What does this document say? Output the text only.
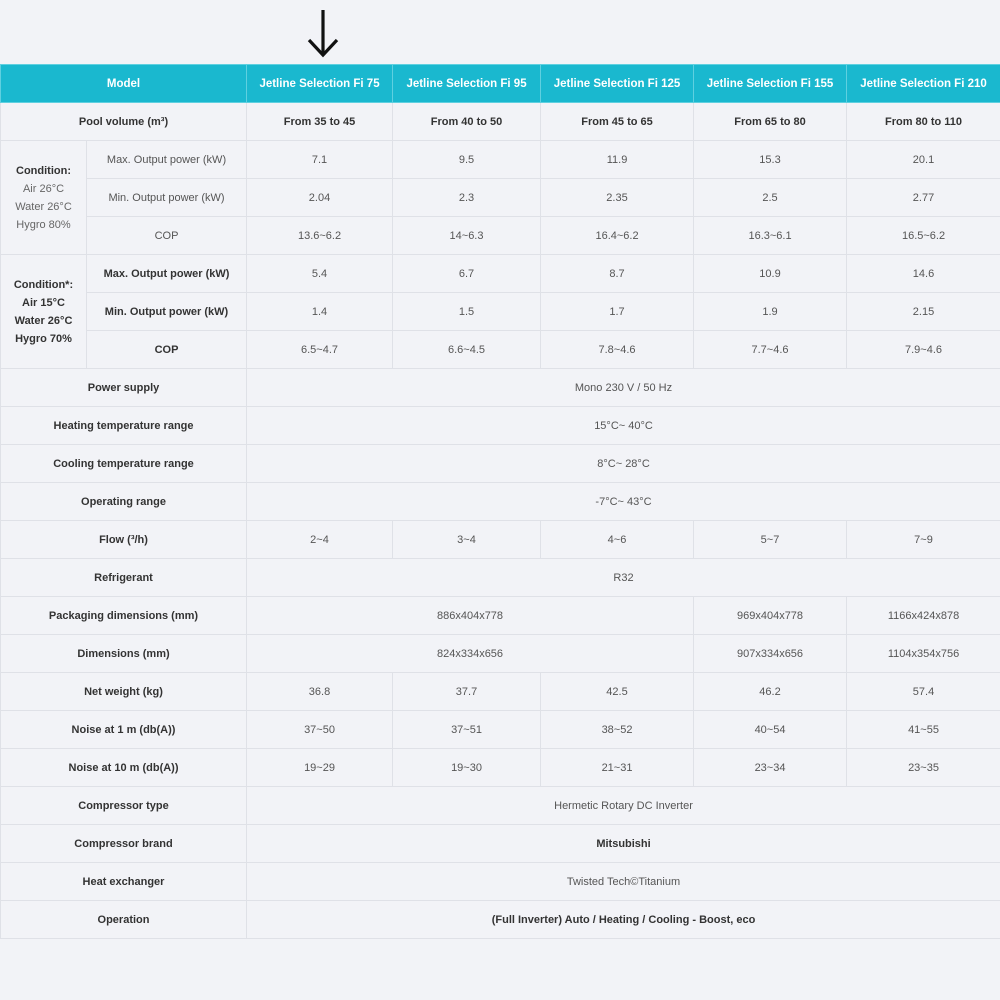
Model		Jetline Selection Fi 75	Jetline Selection Fi 95	Jetline Selection Fi 125	Jetline Selection Fi 155	Jetline Selection Fi 210
Pool volume (m³)		From 35 to 45	From 40 to 50	From 45 to 65	From 65 to 80	From 80 to 110

Condition:
Air 26°C
Water 26°C
Hygro 80%	Max. Output power (kW)	7.1	9.5	11.9	15.3	20.1
	Min. Output power (kW)	2.04	2.3	2.35	2.5	2.77
	COP	13.6~6.2	14~6.3	16.4~6.2	16.3~6.1	16.5~6.2

Condition*:
Air 15°C
Water 26°C
Hygro 70%	Max. Output power (kW)	5.4	6.7	8.7	10.9	14.6
	Min. Output power (kW)	1.4	1.5	1.7	1.9	2.15
	COP	6.5~4.7	6.6~4.5	7.8~4.6	7.7~4.6	7.9~4.6
Power supply		Mono 230 V / 50 Hz				
Heating temperature range		15°C~ 40°C				
Cooling temperature range		8°C~ 28°C				
Operating range		-7°C~ 43°C				
Flow (³/h)		2~4	3~4	4~6	5~7	7~9
Refrigerant		R32				
Packaging dimensions (mm)		886x404x778			969x404x778	1166x424x878
Dimensions (mm)		824x334x656			907x334x656	1104x354x756
Net weight (kg)		36.8	37.7	42.5	46.2	57.4
Noise at 1 m (db(A))		37~50	37~51	38~52	40~54	41~55
Noise at 10 m (db(A))		19~29	19~30	21~31	23~34	23~35
Compressor type		Hermetic Rotary DC Inverter				
Compressor brand		Mitsubishi				
Heat exchanger		Twisted Tech©Titanium				
Operation		(Full Inverter) Auto / Heating / Cooling - Boost, eco				
